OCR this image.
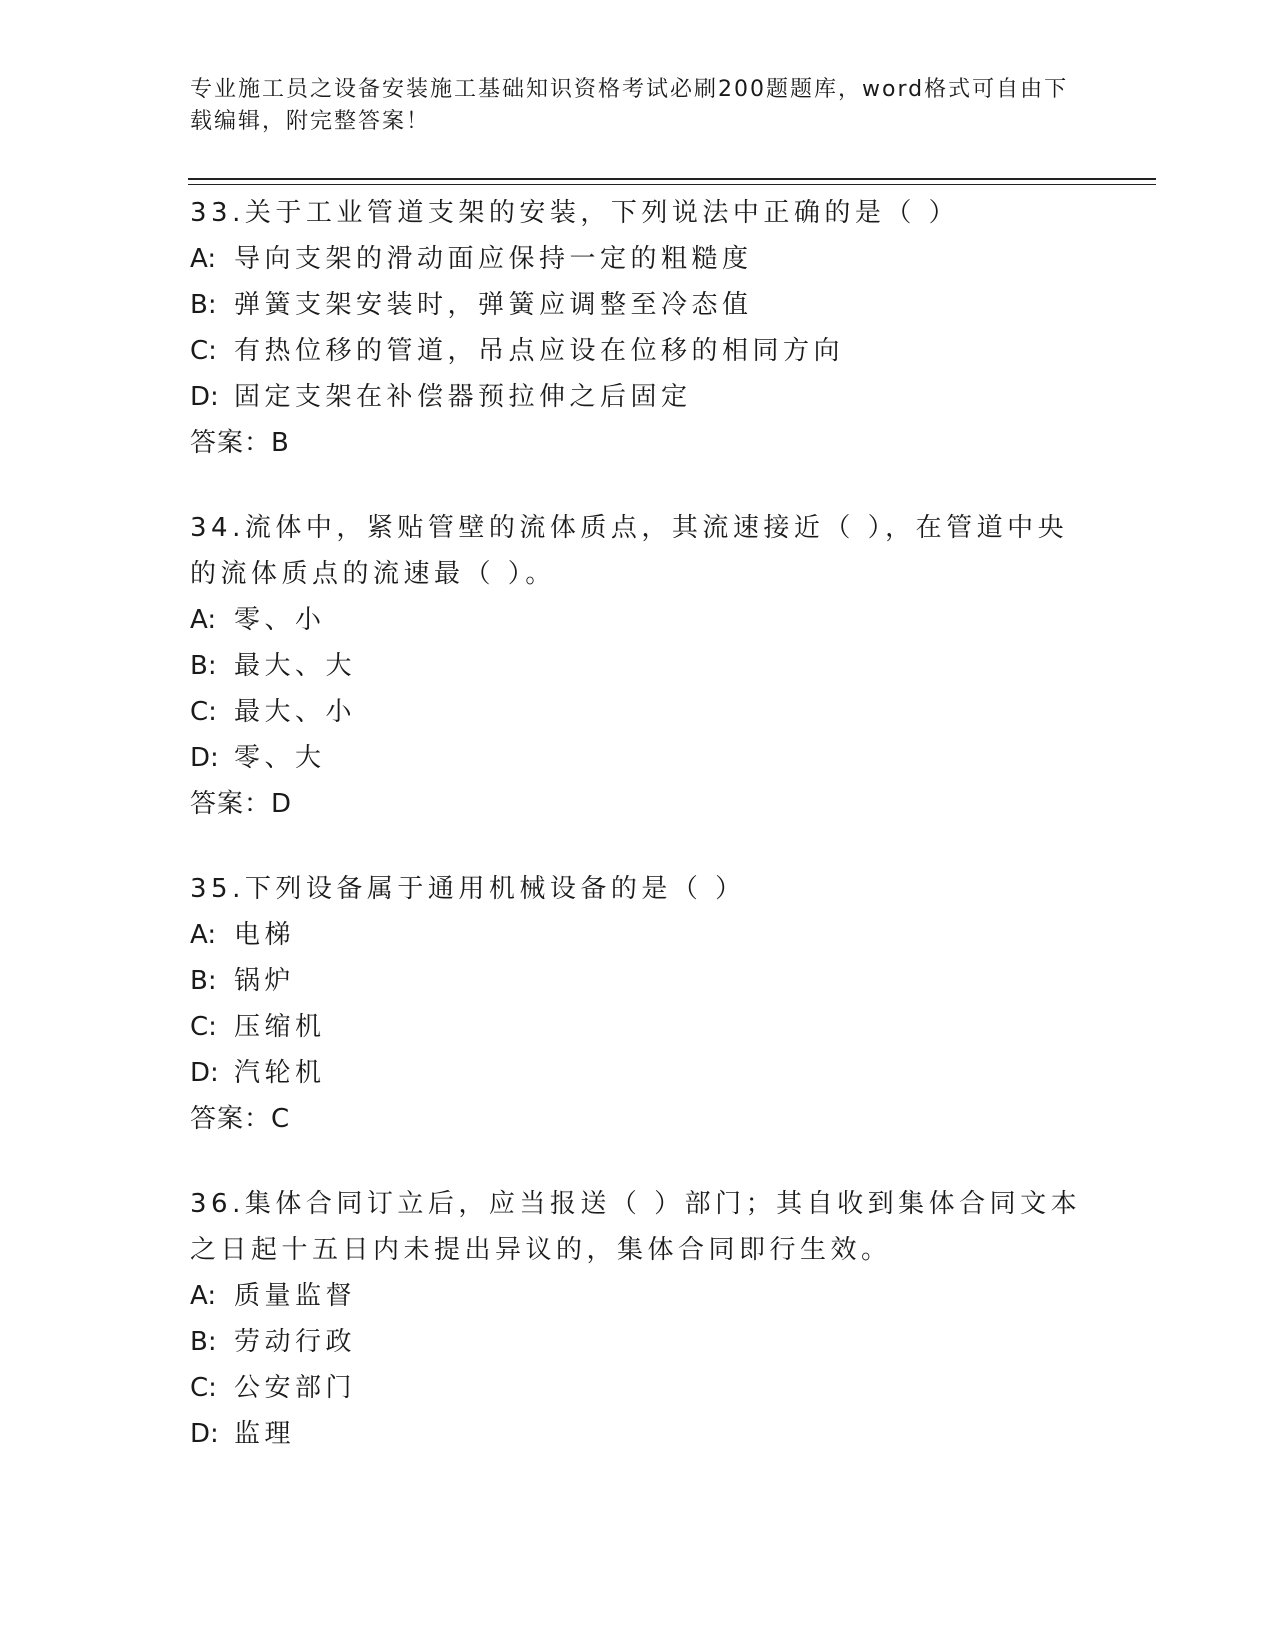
专业施工员之设备安装施工基础知识资格考试必刷200题题库，word格式可自由下载编辑，附完整答案！
33.关于工业管道支架的安装，下列说法中正确的是（ ）
A: 导向支架的滑动面应保持一定的粗糙度
B: 弹簧支架安装时，弹簧应调整至冷态值
C: 有热位移的管道，吊点应设在位移的相同方向
D: 固定支架在补偿器预拉伸之后固定
答案：B
34.流体中，紧贴管壁的流体质点，其流速接近（ ），在管道中央的流体质点的流速最（ ）。
A: 零、小
B: 最大、大
C: 最大、小
D: 零、大
答案：D
35.下列设备属于通用机械设备的是（ ）
A: 电梯
B: 锅炉
C: 压缩机
D: 汽轮机
答案：C
36.集体合同订立后，应当报送（ ）部门；其自收到集体合同文本之日起十五日内未提出异议的，集体合同即行生效。
A: 质量监督
B: 劳动行政
C: 公安部门
D: 监理
